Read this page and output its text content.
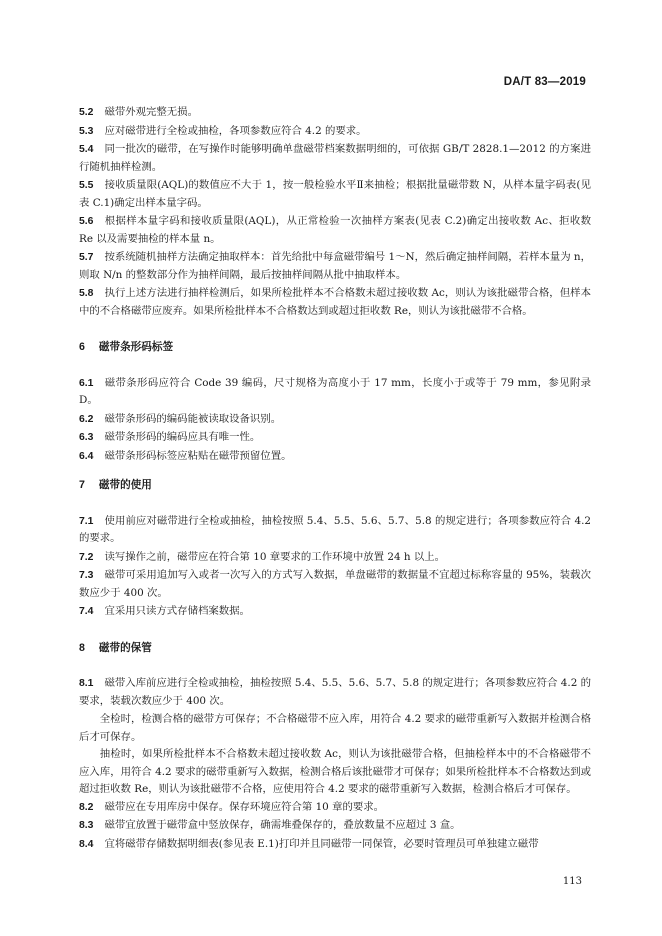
DA/T 83—2019

5.2 磁带外观完整无损。

5.3 应对磁带进行全检或抽检，各项参数应符合 4.2 的要求。

5.4 同一批次的磁带，在写操作时能够明确单盘磁带档案数据明细的，可依据 GB/T 2828.1—2012 的方案进行随机抽样检测。

5.5 接收质量限(AQL)的数值应不大于 1，按一般检验水平Ⅱ来抽检；根据批量磁带数 N，从样本量字码表(见表 C.1)确定出样本量字码。

5.6 根据样本量字码和接收质量限(AQL)，从正常检验一次抽样方案表(见表 C.2)确定出接收数 Ac、拒收数 Re 以及需要抽检的样本量 n。

5.7 按系统随机抽样方法确定抽取样本：首先给批中每盒磁带编号 1～N，然后确定抽样间隔，若样本量为 n，则取 N/n 的整数部分作为抽样间隔，最后按抽样间隔从批中抽取样本。

5.8 执行上述方法进行抽样检测后，如果所检批样本不合格数未超过接收数 Ac，则认为该批磁带合格，但样本中的不合格磁带应废弃。如果所检批样本不合格数达到或超过拒收数 Re，则认为该批磁带不合格。

6 磁带条形码标签

6.1 磁带条形码应符合 Code 39 编码，尺寸规格为高度小于 17 mm，长度小于或等于 79 mm，参见附录 D。

6.2 磁带条形码的编码能被读取设备识别。

6.3 磁带条形码的编码应具有唯一性。

6.4 磁带条形码标签应粘贴在磁带预留位置。

7 磁带的使用

7.1 使用前应对磁带进行全检或抽检，抽检按照 5.4、5.5、5.6、5.7、5.8 的规定进行；各项参数应符合 4.2 的要求。

7.2 读写操作之前，磁带应在符合第 10 章要求的工作环境中放置 24 h 以上。

7.3 磁带可采用追加写入或者一次写入的方式写入数据，单盘磁带的数据量不宜超过标称容量的 95%，装载次数应少于 400 次。

7.4 宜采用只读方式存储档案数据。

8 磁带的保管

8.1 磁带入库前应进行全检或抽检，抽检按照 5.4、5.5、5.6、5.7、5.8 的规定进行；各项参数应符合 4.2 的要求，装载次数应少于 400 次。

全检时，检测合格的磁带方可保存；不合格磁带不应入库，用符合 4.2 要求的磁带重新写入数据并检测合格后才可保存。

抽检时，如果所检批样本不合格数未超过接收数 Ac，则认为该批磁带合格，但抽检样本中的不合格磁带不应入库，用符合 4.2 要求的磁带重新写入数据，检测合格后该批磁带才可保存；如果所检批样本不合格数达到或超过拒收数 Re，则认为该批磁带不合格，应使用符合 4.2 要求的磁带重新写入数据，检测合格后才可保存。

8.2 磁带应在专用库房中保存。保存环境应符合第 10 章的要求。

8.3 磁带宜放置于磁带盒中竖放保存，确需堆叠保存的，叠放数量不应超过 3 盒。

8.4 宜将磁带存储数据明细表(参见表 E.1)打印并且同磁带一同保管，必要时管理员可单独建立磁带

113
